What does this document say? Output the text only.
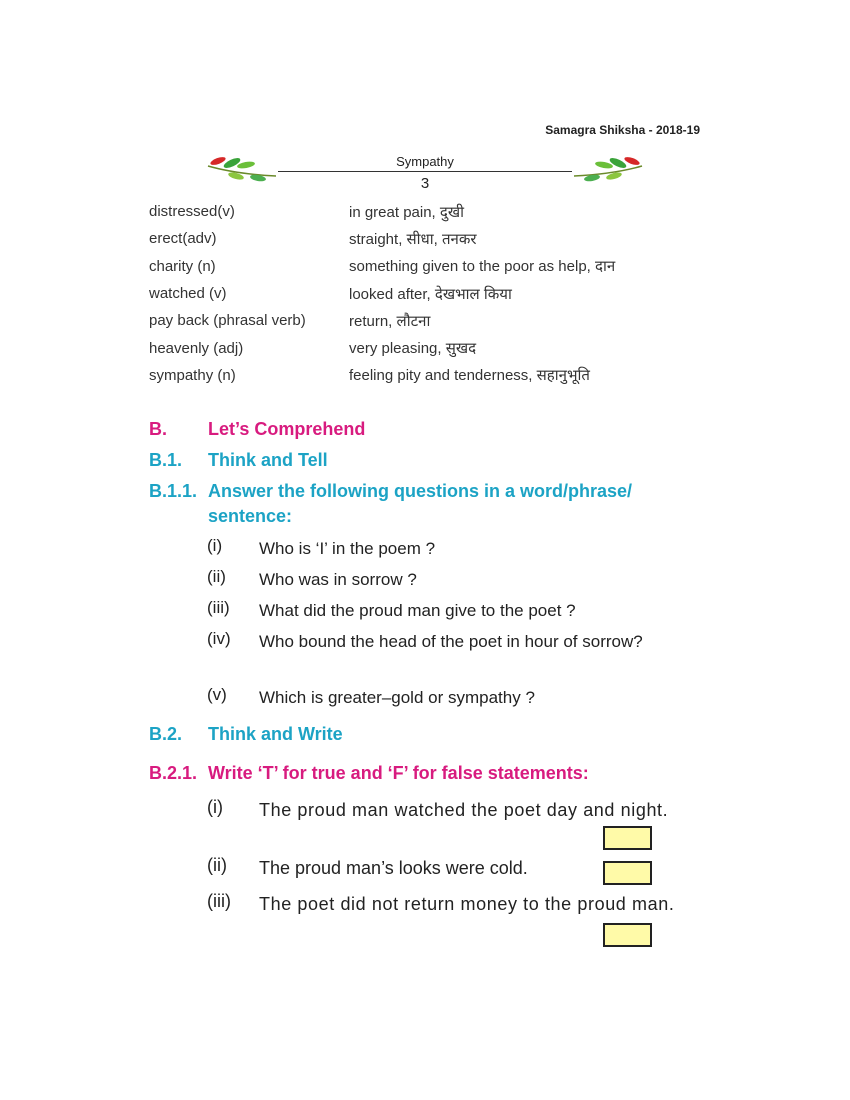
Samagra Shiksha - 2018-19
Sympathy
3
distressed(v)	in great pain, दुखी
erect(adv)	straight, सीधा, तनकर
charity (n)	something given to the poor as help, दान
watched (v)	looked after, देखभाल किया
pay back (phrasal verb)	return, लौटना
heavenly (adj)	very pleasing, सुखद
sympathy (n)	feeling pity and tenderness, सहानुभूति
B. Let’s Comprehend
B.1. Think and Tell
B.1.1. Answer the following questions in a word/phrase/
sentence:
(i)	Who is ‘I’ in the poem ?
(ii)	Who was in sorrow ?
(iii)	What did the proud man give to the poet ?
(iv)	Who bound the head of the poet in hour of sorrow?
(v)	Which is greater–gold or sympathy ?
B.2. Think and Write
B.2.1. Write ‘T’ for true and ‘F’ for false statements:
(i)	The proud man watched the poet day and night.
(ii)	The proud man’s looks were cold.
(iii)	The poet did not return money to the proud man.
